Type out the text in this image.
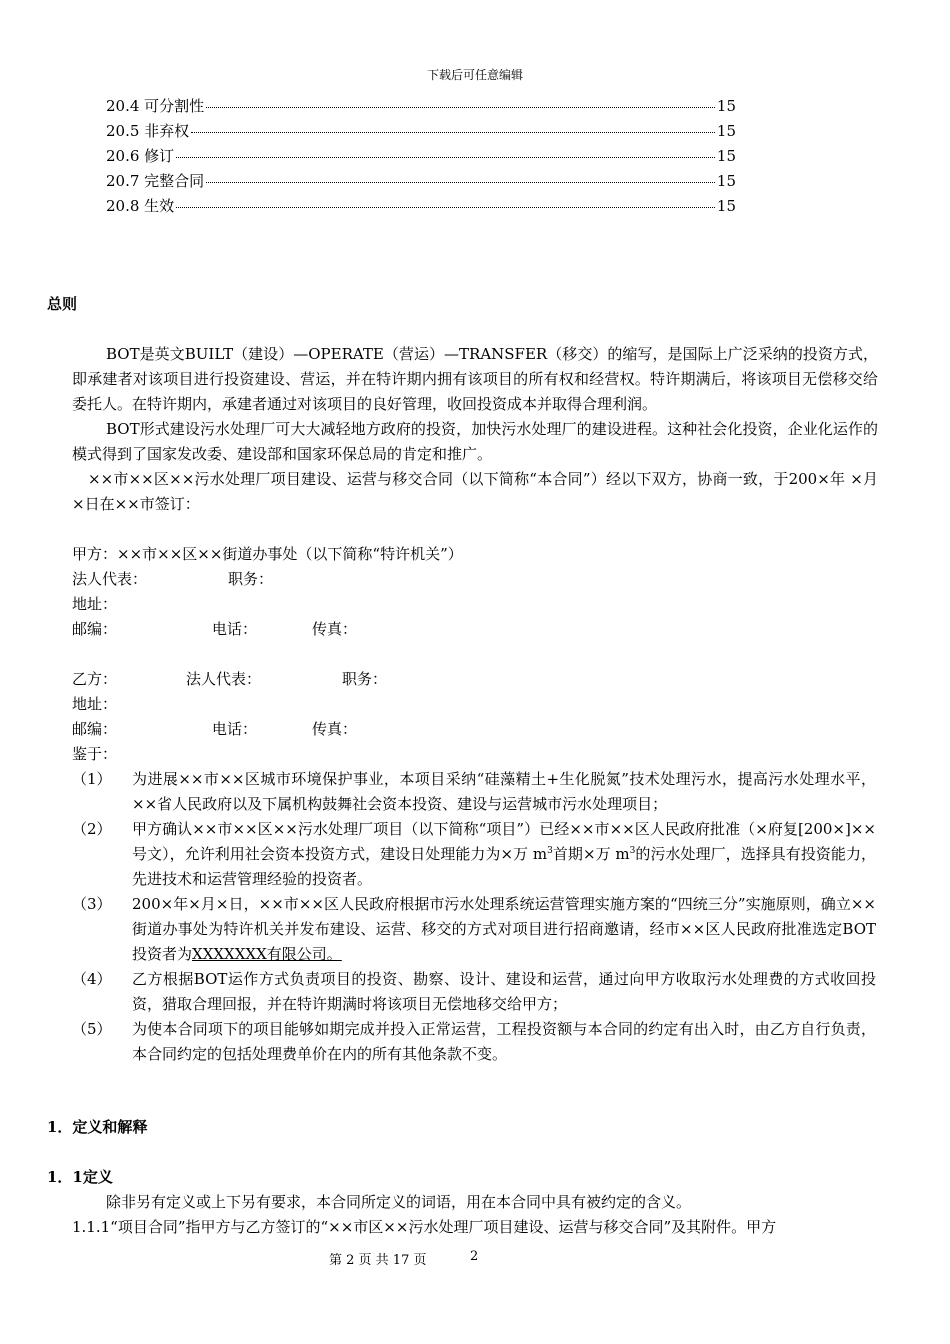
下载后可任意编辑
20.4 可分割性	15
20.5 非弃权	15
20.6 修订	15
20.7 完整合同	15
20.8 生效	15
总则
BOT是英文BUILT（建设）—OPERATE（营运）—TRANSFER（移交）的缩写，是国际上广泛采纳的投资方式，即承建者对该项目进行投资建设、营运，并在特许期内拥有该项目的所有权和经营权。特许期满后，将该项目无偿移交给委托人。在特许期内，承建者通过对该项目的良好管理，收回投资成本并取得合理利润。
BOT形式建设污水处理厂可大大减轻地方政府的投资，加快污水处理厂的建设进程。这种社会化投资，企业化运作的模式得到了国家发改委、建设部和国家环保总局的肯定和推广。
××市××区××污水处理厂项目建设、运营与移交合同（以下简称“本合同”）经以下双方，协商一致，于200×年 ×月×日在××市签订：
甲方：××市××区××街道办事处（以下简称“特许机关”）
法人代表：	职务：
地址：
邮编：	电话：	传真：
乙方：	法人代表：	职务：
地址：
邮编：	电话：	传真：
鉴于：
（1） 为进展××市××区城市环境保护事业，本项目采纳“硅藻精土+生化脱氮”技术处理污水，提高污水处理水平，××省人民政府以及下属机构鼓舞社会资本投资、建设与运营城市污水处理项目；
（2） 甲方确认××市××区××污水处理厂项目（以下简称“项目”）已经××市××区人民政府批准（×府复[200×]××号文），允许利用社会资本投资方式，建设日处理能力为×万 $m^3$首期×万 $m^3$的污水处理厂，选择具有投资能力，先进技术和运营管理经验的投资者。
（3） 200×年×月×日，××市××区人民政府根据市污水处理系统运营管理实施方案的“四统三分”实施原则，确立××街道办事处为特许机关并发布建设、运营、移交的方式对项目进行招商邀请，经市××区人民政府批准选定BOT投资者为XXXXXXX有限公司。
（4） 乙方根据BOT运作方式负责项目的投资、勘察、设计、建设和运营，通过向甲方收取污水处理费的方式收回投资，猎取合理回报，并在特许期满时将该项目无偿地移交给甲方；
（5） 为使本合同项下的项目能够如期完成并投入正常运营，工程投资额与本合同的约定有出入时，由乙方自行负责，本合同约定的包括处理费单价在内的所有其他条款不变。
1．定义和解释
1．1定义
除非另有定义或上下另有要求，本合同所定义的词语，用在本合同中具有被约定的含义。
1.1.1“项目合同”指甲方与乙方签订的“××市区××污水处理厂项目建设、运营与移交合同”及其附件。甲方
第 2 页 共 17 页	2
